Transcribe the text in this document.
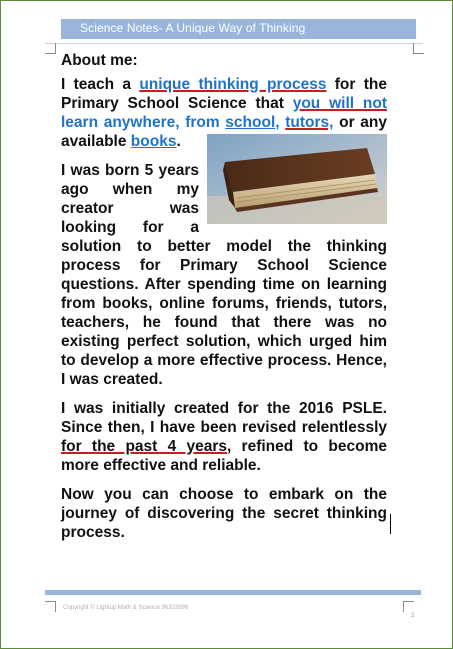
Science Notes- A Unique Way of Thinking

About me:

I teach a unique thinking process for the Primary School Science that you will not learn anywhere, from school, tutors,
or any available books.

I was born 5 years ago when my creator was looking for a solution to better model the thinking process for Primary School Science questions. After spending time on learning from books, online forums, friends, tutors, teachers, he found that there was no existing perfect solution, which urged him to develop a more effective process. Hence, I was created.

I was initially created for the 2016 PSLE. Since then, I have been revised relentlessly for the past 4 years, refined to become more effective and reliable.

Now you can choose to embark on the journey of discovering the secret thinking process.

Copyright © Lightup Math & Science 96203596
2
